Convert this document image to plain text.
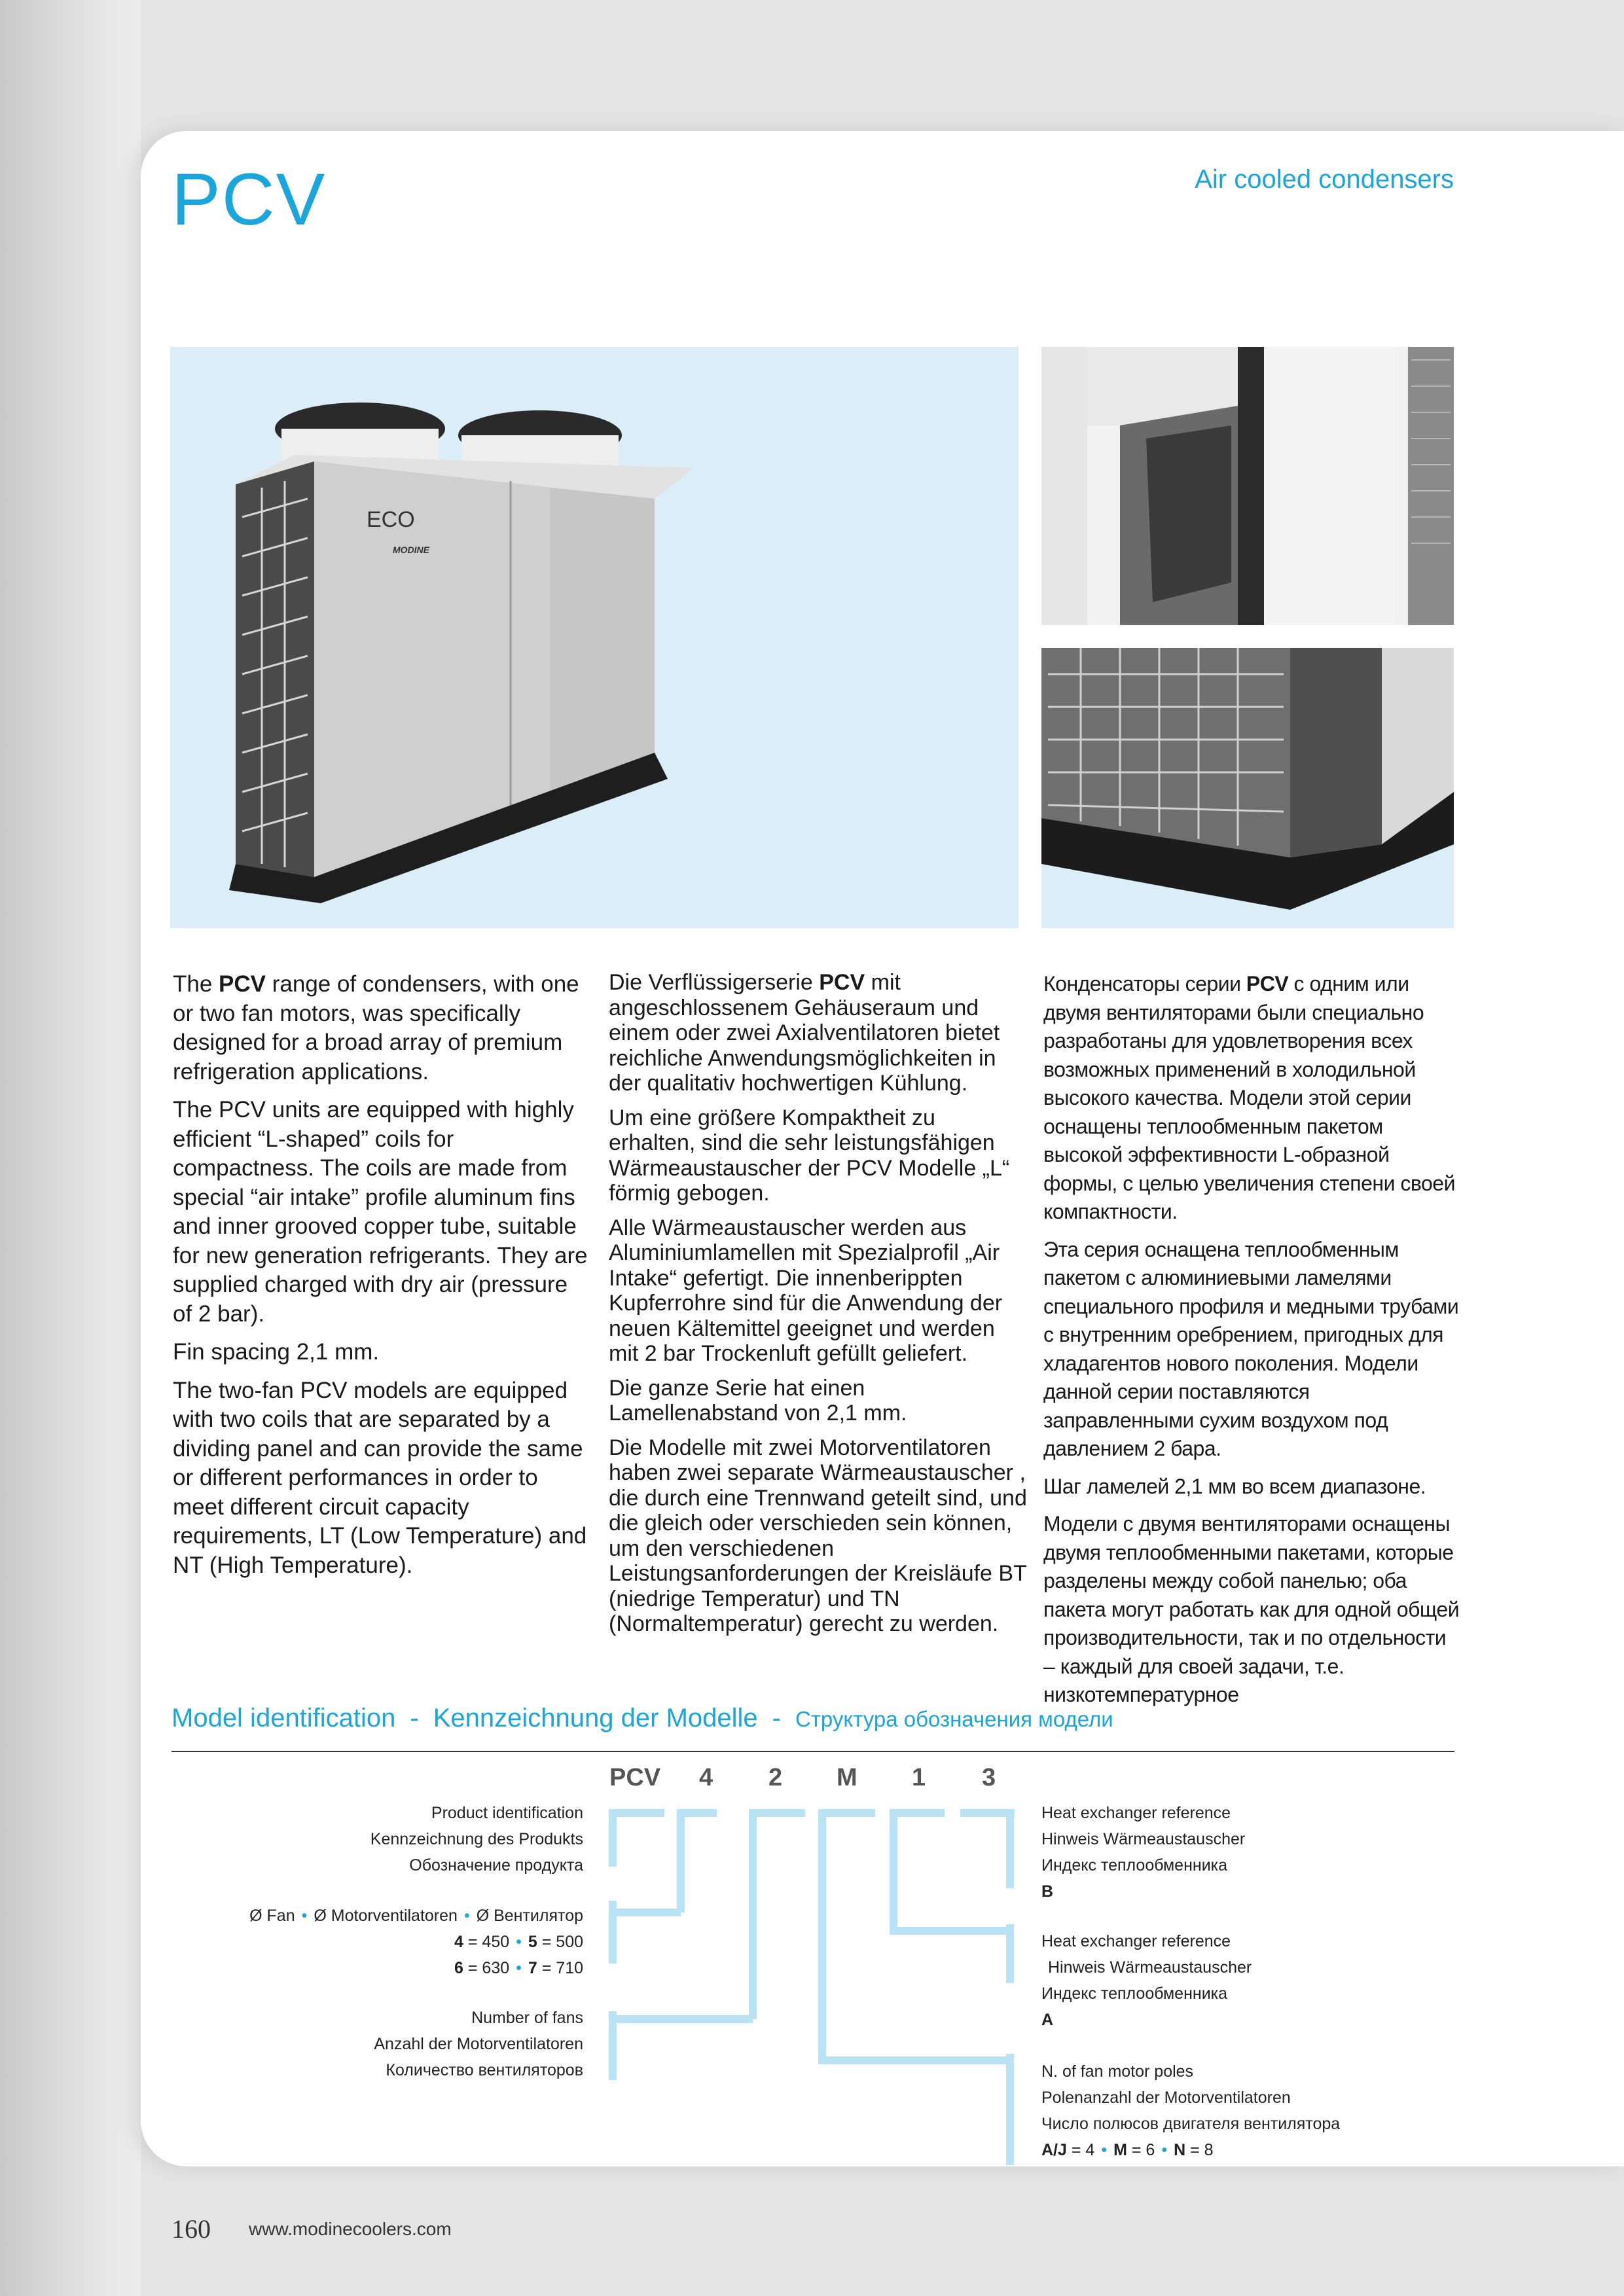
PCV	Air cooled condensers
ECO
MODINE

The PCV range of condensers, with one or two fan motors, was specifically designed for a broad array of premium refrigeration applications.

The PCV units are equipped with highly efficient “L-shaped” coils for compactness. The coils are made from special “air intake” profile aluminum fins and inner grooved copper tube, suitable for new generation refrigerants. They are supplied charged with dry air (pressure of 2 bar).

Fin spacing 2,1 mm.

The two-fan PCV models are equipped with two coils that are separated by a dividing panel and can provide the same or different performances in order to meet different circuit capacity requirements, LT (Low Temperature) and NT (High Temperature).

Die Verflüssigerserie PCV mit angeschlossenem Gehäuseraum und einem oder zwei Axialventilatoren bietet reichliche Anwendungsmöglichkeiten in der qualitativ hochwertigen Kühlung.

Um eine größere Kompaktheit zu erhalten, sind die sehr leistungsfähigen Wärmeaustauscher der PCV Modelle „L“ förmig gebogen.

Alle Wärmeaustauscher werden aus Aluminiumlamellen mit Spezialprofil „Air Intake“ gefertigt. Die innenberippten Kupferrohre sind für die Anwendung der neuen Kältemittel geeignet und werden mit 2 bar Trockenluft gefüllt geliefert.

Die ganze Serie hat einen Lamellenabstand von 2,1 mm.

Die Modelle mit zwei Motorventilatoren haben zwei separate Wärmeaustauscher , die durch eine Trennwand geteilt sind, und die gleich oder verschieden sein können, um den verschiedenen Leistungsanforderungen der Kreisläufe BT (niedrige Temperatur) und TN (Normaltemperatur) gerecht zu werden.

Конденсаторы серии PCV с одним или двумя вентиляторами были специально разработаны для удовлетворения всех возможных применений в холодильной высокого качества. Модели этой серии оснащены теплообменным пакетом высокой эффективности L-образной формы, с целью увеличения степени своей компактности.

Эта серия оснащена теплообменным пакетом с алюминиевыми ламелями специального профиля и медными трубами с внутренним оребрением, пригодных для хладагентов нового поколения. Модели данной серии поставляются заправленными сухим воздухом под давлением 2 бара.

Шаг ламелей 2,1 мм во всем диапазоне.

Модели с двумя вентиляторами оснащены двумя теплообменными пакетами, которые разделены между собой панелью; оба пакета могут работать как для одной общей производительности, так и по отдельности – каждый для своей задачи, т.е. низкотемпературное

Model identification - Kennzeichnung der Modelle - Структура обозначения модели
PCV 4 2 M 1 3
Product identification
Kennzeichnung des Produkts
Обозначение продукта
Ø Fan • Ø Motorventilatoren • Ø Вентилятор
4 = 450 • 5 = 500
6 = 630 • 7 = 710
Number of fans
Anzahl der Motorventilatoren
Количество вентиляторов
Heat exchanger reference
Hinweis Wärmeaustauscher
Индекс теплообменника
B
Heat exchanger reference
Hinweis Wärmeaustauscher
Индекс теплообменника
A
N. of fan motor poles
Polenanzahl der Motorventilatoren
Число полюсов двигателя вентилятора
A/J = 4 • M = 6 • N = 8
160 www.modinecoolers.com
